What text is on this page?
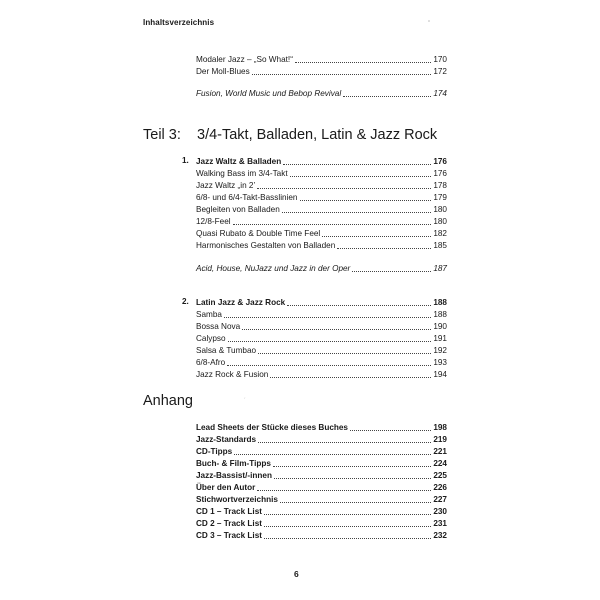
Inhaltsverzeichnis	°
Modaler Jazz – „So What!“	170
Der Moll-Blues	172
Fusion, World Music und Bebop Revival	174
Teil 3: 3/4-Takt, Balladen, Latin & Jazz Rock
1. Jazz Waltz & Balladen	176
Walking Bass im 3/4-Takt	176
Jazz Waltz „in 2’	178
6/8- und 6/4-Takt-Basslinien	179
Begleiten von Balladen	180
12/8-Feel	180
Quasi Rubato & Double Time Feel	182
Harmonisches Gestalten von Balladen	185
Acid, House, NuJazz und Jazz in der Oper	187
2. Latin Jazz & Jazz Rock	188
Samba	188
Bossa Nova	190
Calypso	191
Salsa & Tumbao	192
6/8-Afro	193
Jazz Rock & Fusion	194
Anhang	´
Lead Sheets der Stücke dieses Buches	198
Jazz-Standards	219
CD-Tipps	221
Buch- & Film-Tipps	224
Jazz-Bassist/-innen	225
Über den Autor	226
Stichwortverzeichnis	227
CD 1 – Track List	230
CD 2 – Track List	231
CD 3 – Track List	232
6
